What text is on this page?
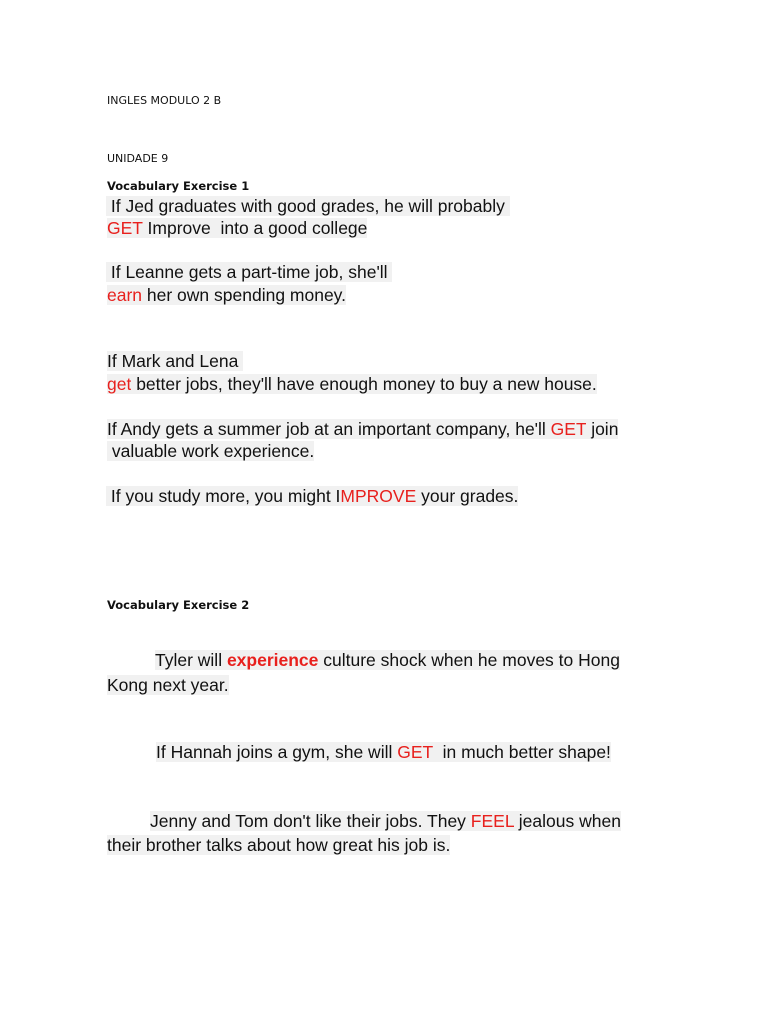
INGLES MODULO 2 B
UNIDADE 9
Vocabulary Exercise 1
If Jed graduates with good grades, he will probably
GET Improve  into a good college
If Leanne gets a part-time job, she'll
earn her own spending money.
If Mark and Lena
get better jobs, they'll have enough money to buy a new house.
If Andy gets a summer job at an important company, he'll GET join
valuable work experience.
If you study more, you might IMPROVE your grades.
Vocabulary Exercise 2
Tyler will experience culture shock when he moves to Hong
Kong next year.
If Hannah joins a gym, she will GET  in much better shape!
Jenny and Tom don't like their jobs. They FEEL jealous when
their brother talks about how great his job is.
